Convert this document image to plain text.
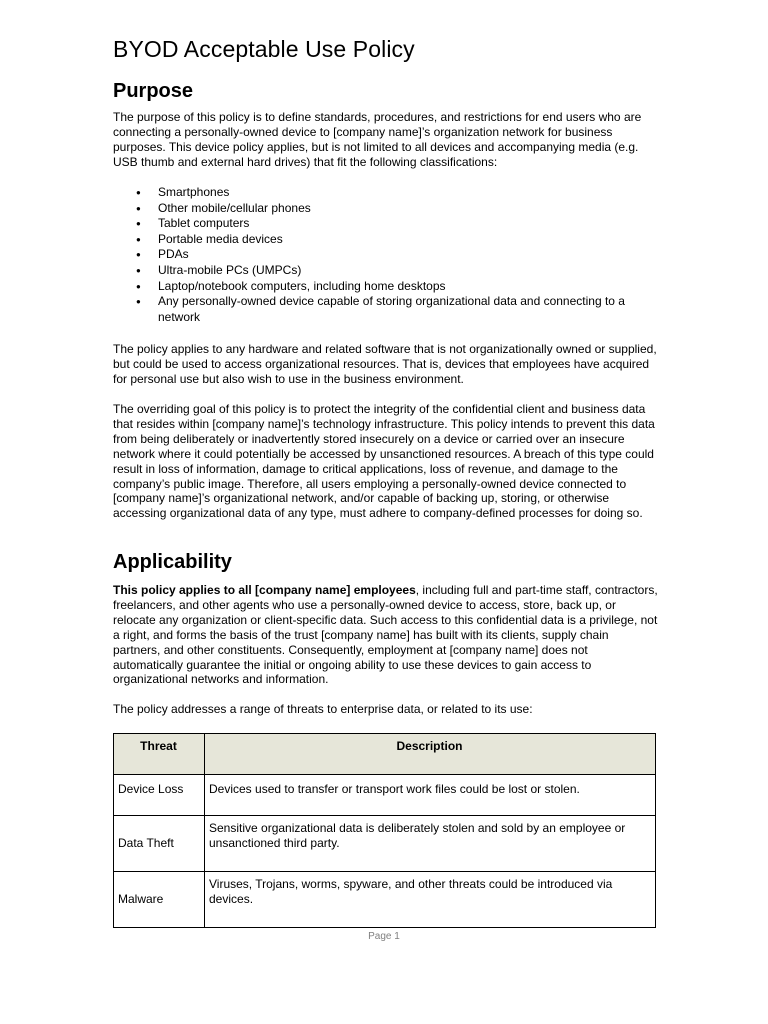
BYOD Acceptable Use Policy
Purpose

The purpose of this policy is to define standards, procedures, and restrictions for end users who are connecting a personally-owned device to [company name]’s organization network for business purposes. This device policy applies, but is not limited to all devices and accompanying media (e.g. USB thumb and external hard drives) that fit the following classifications:

● Smartphones
● Other mobile/cellular phones
● Tablet computers
● Portable media devices
● PDAs
● Ultra-mobile PCs (UMPCs)
● Laptop/notebook computers, including home desktops
● Any personally-owned device capable of storing organizational data and connecting to a network

The policy applies to any hardware and related software that is not organizationally owned or supplied, but could be used to access organizational resources. That is, devices that employees have acquired for personal use but also wish to use in the business environment.

The overriding goal of this policy is to protect the integrity of the confidential client and business data that resides within [company name]’s technology infrastructure. This policy intends to prevent this data from being deliberately or inadvertently stored insecurely on a device or carried over an insecure network where it could potentially be accessed by unsanctioned resources. A breach of this type could result in loss of information, damage to critical applications, loss of revenue, and damage to the company’s public image. Therefore, all users employing a personally-owned device connected to [company name]’s organizational network, and/or capable of backing up, storing, or otherwise accessing organizational data of any type, must adhere to company-defined processes for doing so.

Applicability

This policy applies to all [company name] employees, including full and part-time staff, contractors, freelancers, and other agents who use a personally-owned device to access, store, back up, or relocate any organization or client-specific data. Such access to this confidential data is a privilege, not a right, and forms the basis of the trust [company name] has built with its clients, supply chain partners, and other constituents. Consequently, employment at [company name] does not automatically guarantee the initial or ongoing ability to use these devices to gain access to organizational networks and information.

The policy addresses a range of threats to enterprise data, or related to its use:

Threat	Description
Device Loss	Devices used to transfer or transport work files could be lost or stolen.
Data Theft	Sensitive organizational data is deliberately stolen and sold by an employee or unsanctioned third party.
Malware	Viruses, Trojans, worms, spyware, and other threats could be introduced via devices.
Page 1
